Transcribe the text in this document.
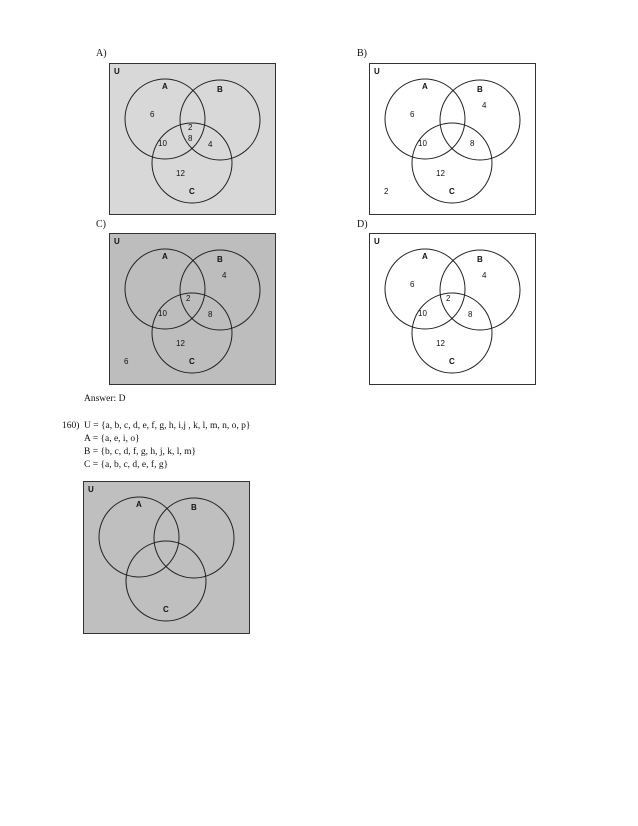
A)	B)
C)	D)
U
A	B
C
6
12
2
10	4
8
U
A	B
C
6
4
12
10	8
2
U
A	B
C
4
12
10	8
2
6
U
A	B
C
6
4
12
10	8
2
Answer: D
160) U = {a, b, c, d, e, f, g, h, i,j , k, l, m, n, o, p}
A = {a, e, i, o}
B = {b, c, d, f, g, h, j, k, l, m}
C = {a, b, c, d, e, f, g}
U
A	B
C
